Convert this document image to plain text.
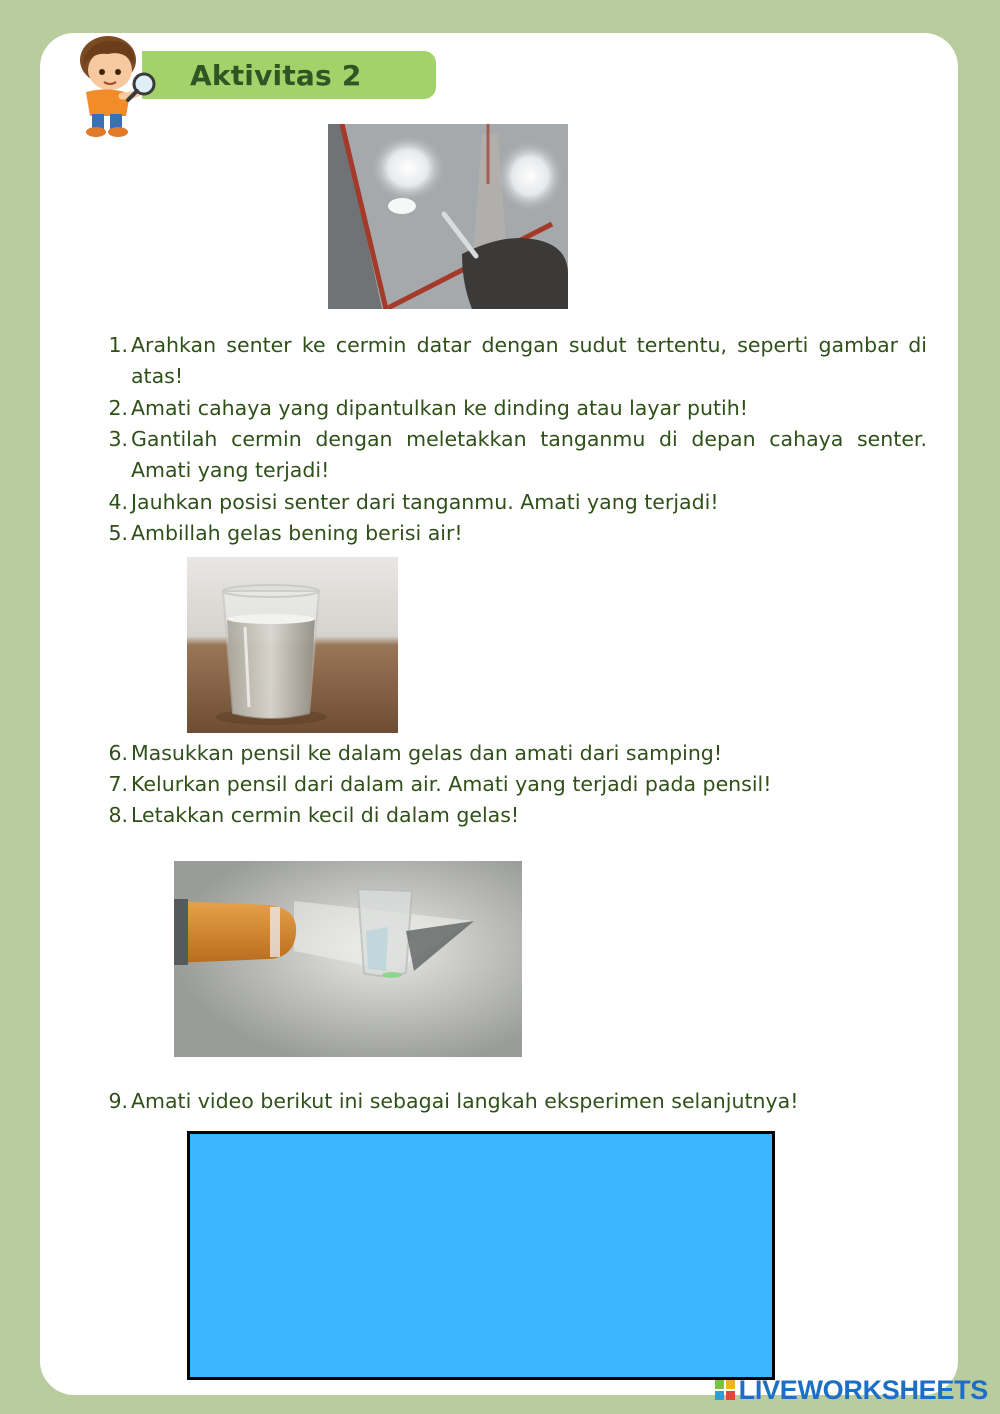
Aktivitas 2
1. Arahkan senter ke cermin datar dengan sudut tertentu, seperti gambar di atas!
2. Amati cahaya yang dipantulkan ke dinding atau layar putih!
3. Gantilah cermin dengan meletakkan tanganmu di depan cahaya senter. Amati yang terjadi!
4. Jauhkan posisi senter dari tanganmu. Amati yang terjadi!
5. Ambillah gelas bening berisi air!
6. Masukkan pensil ke dalam gelas dan amati dari samping!
7. Kelurkan pensil dari dalam air. Amati yang terjadi pada pensil!
8. Letakkan cermin kecil di dalam gelas!
9. Amati video berikut ini sebagai langkah eksperimen selanjutnya!
LIVEWORKSHEETS
